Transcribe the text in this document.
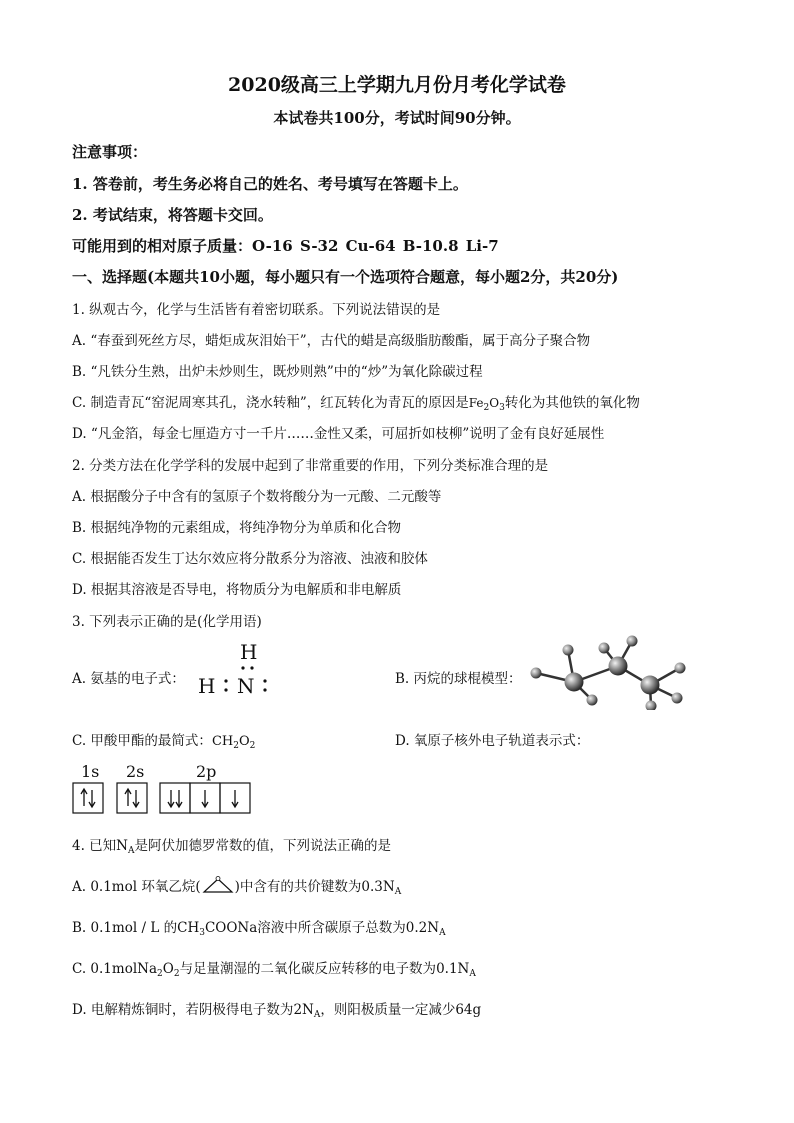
2020级高三上学期九月份月考化学试卷
本试卷共100分，考试时间90分钟。
注意事项：
1. 答卷前，考生务必将自己的姓名、考号填写在答题卡上。
2. 考试结束，将答题卡交回。
可能用到的相对原子质量：O-16 S-32 Cu-64 B-10.8 Li-7
一、选择题(本题共10小题，每小题只有一个选项符合题意，每小题2分，共20分)
1. 纵观古今，化学与生活皆有着密切联系。下列说法错误的是
A. “春蚕到死丝方尽，蜡炬成灰泪始干”，古代的蜡是高级脂肪酸酯，属于高分子聚合物
B. “凡铁分生熟，出炉未炒则生，既炒则熟”中的“炒”为氧化除碳过程
C. 制造青瓦“窑泥周寒其孔，浇水转釉”，红瓦转化为青瓦的原因是$Fe_2O_3$转化为其他铁的氧化物
D. “凡金箔，每金七厘造方寸一千片……金性又柔，可屈折如枝柳”说明了金有良好延展性
2. 分类方法在化学学科的发展中起到了非常重要的作用，下列分类标准合理的是
A. 根据酸分子中含有的氢原子个数将酸分为一元酸、二元酸等
B. 根据纯净物的元素组成，将纯净物分为单质和化合物
C. 根据能否发生丁达尔效应将分散系分为溶液、浊液和胶体
D. 根据其溶液是否导电，将物质分为电解质和非电解质
3. 下列表示正确的是(化学用语)
A. 氨基的电子式：
H
H N	B. 丙烷的球棍模型：
C. 甲酸甲酯的最简式：$CH_2O_2$	D. 氧原子核外电子轨道表示式：
1s 2s	2p
4. 已知$N_A$是阿伏加德罗常数的值，下列说法正确的是
A. 0.1mol 环氧乙烷(	)中含有的共价键数为$0.3N_A$
B. 0.1mol / L 的$CH_3COONa$溶液中所含碳原子总数为$0.2N_A$
C. $0.1molNa_2O_2$与足量潮湿的二氧化碳反应转移的电子数为$0.1N_A$
D. 电解精炼铜时，若阴极得电子数为$2N_A$，则阳极质量一定减少64g
